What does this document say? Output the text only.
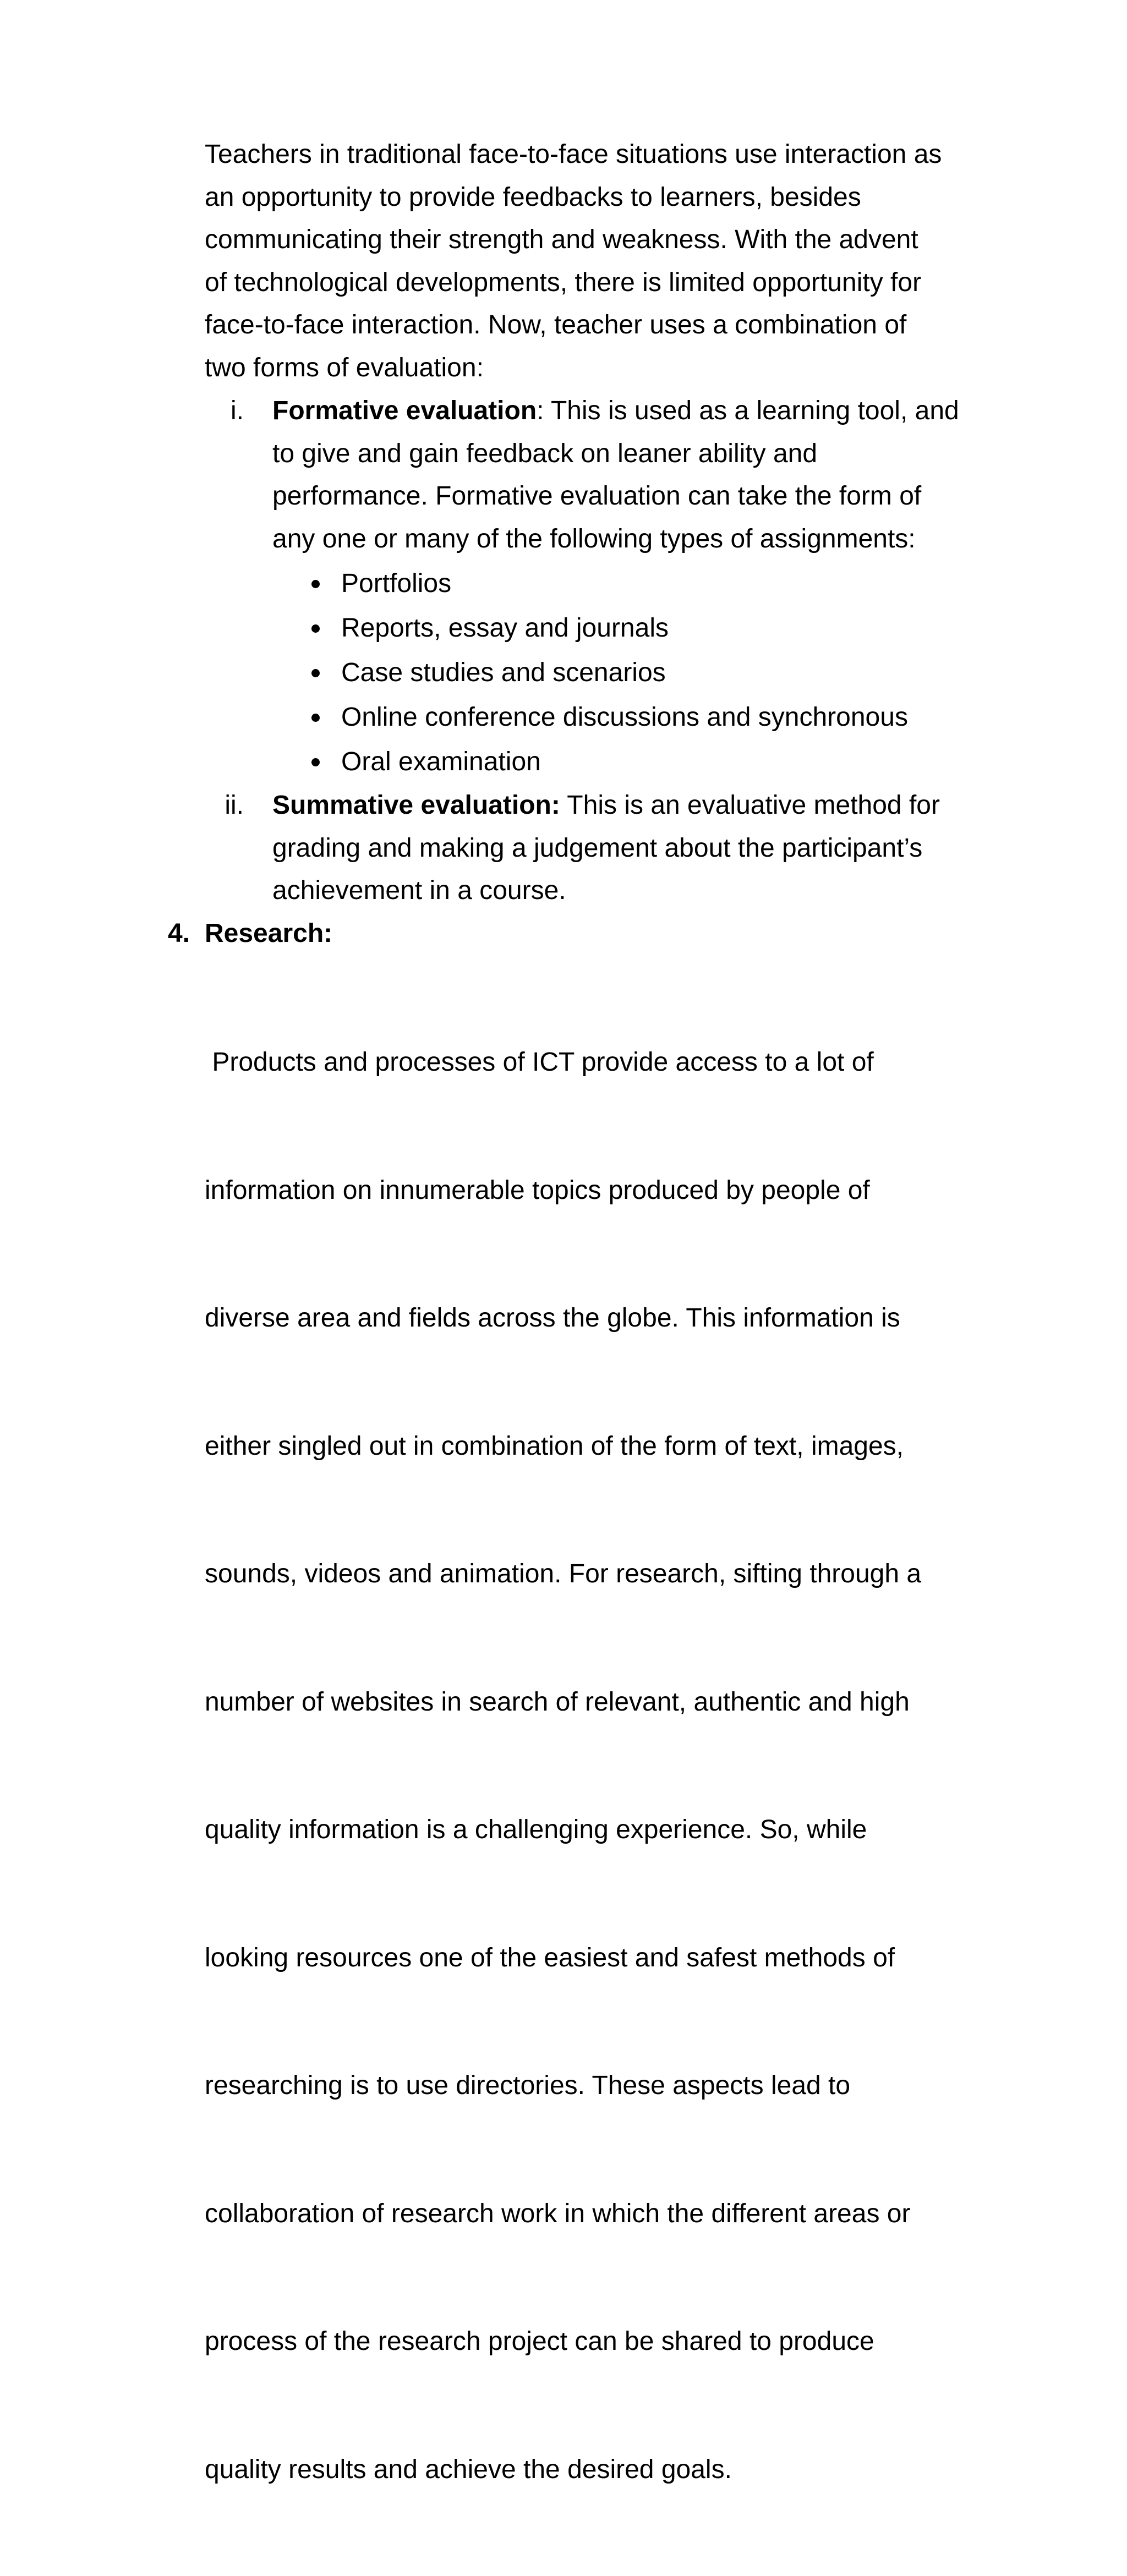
Teachers in traditional face-to-face situations use interaction as
an opportunity to provide feedbacks to learners, besides
communicating their strength and weakness. With the advent
of technological developments, there is limited opportunity for
face-to-face interaction. Now, teacher uses a combination of
two forms of evaluation:
i. Formative evaluation: This is used as a learning tool, and
to give and gain feedback on leaner ability and
performance. Formative evaluation can take the form of
any one or many of the following types of assignments:
Portfolios
Reports, essay and journals
Case studies and scenarios
Online conference discussions and synchronous
Oral examination
ii. Summative evaluation: This is an evaluative method for
grading and making a judgement about the participant’s
achievement in a course.
4. Research:

Products and processes of ICT provide access to a lot of

information on innumerable topics produced by people of

diverse area and fields across the globe. This information is

either singled out in combination of the form of text, images,

sounds, videos and animation. For research, sifting through a

number of websites in search of relevant, authentic and high

quality information is a challenging experience. So, while

looking resources one of the easiest and safest methods of

researching is to use directories. These aspects lead to

collaboration of research work in which the different areas or

process of the research project can be shared to produce

quality results and achieve the desired goals.
